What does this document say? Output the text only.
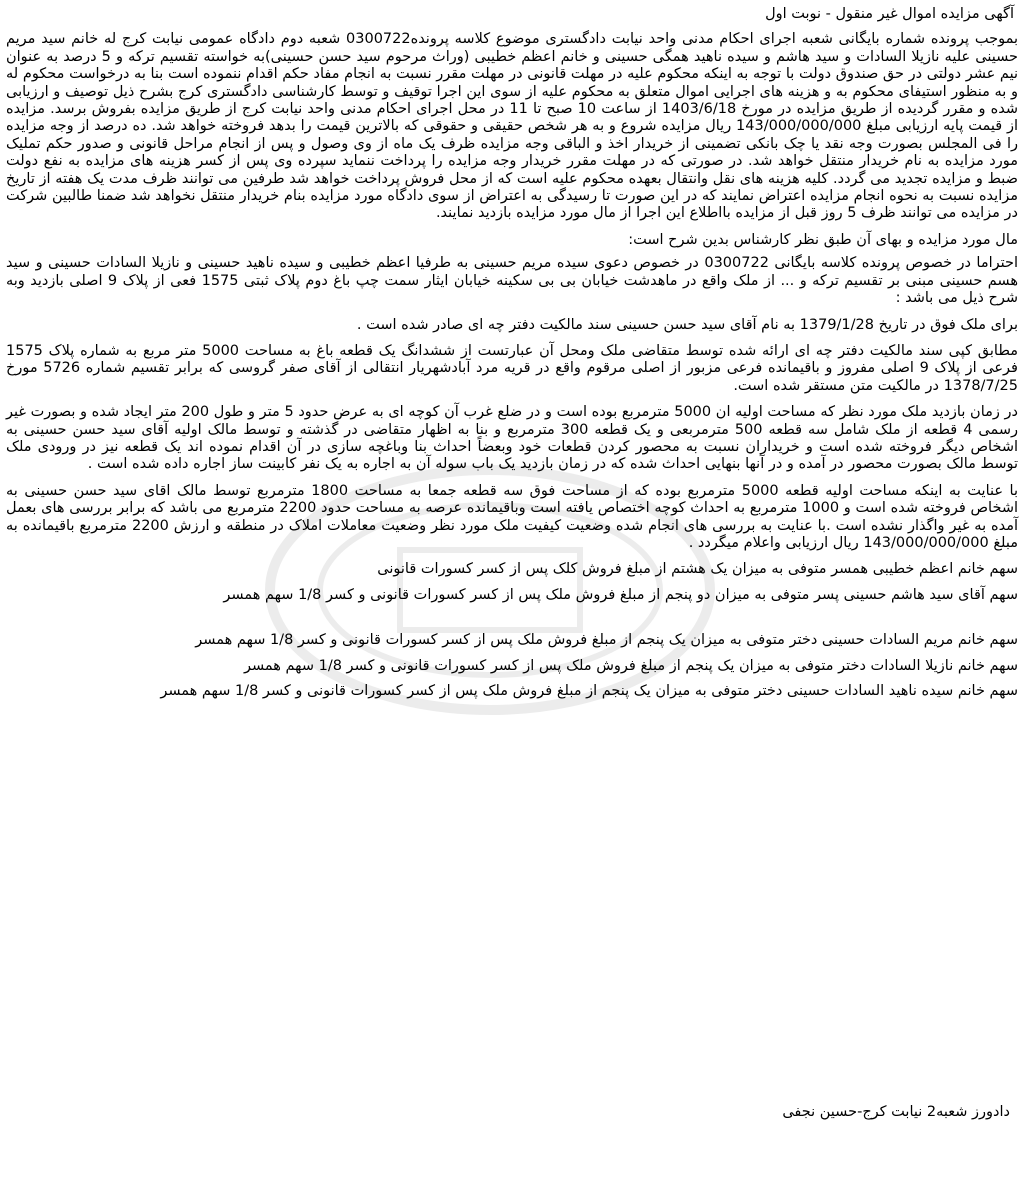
آگهی مزایده اموال غیر منقول - نوبت اول

بموجب پرونده شماره بایگانی شعبه اجرای احکام مدنی واحد نیابت دادگستری موضوع کلاسه پرونده0300722 شعبه دوم دادگاه عمومی نیابت کرج له خانم سید مریم حسینی علیه نازیلا السادات و سید هاشم و سیده ناهید همگی حسینی و خانم اعظم خطیبی (وراث مرحوم سید حسن حسینی)به خواسته تقسیم ترکه و 5 درصد به عنوان نیم عشر دولتی در حق صندوق دولت با توجه به اینکه محکوم علیه در مهلت قانونی در مهلت مقرر نسبت به انجام مفاد حکم اقدام ننموده است بنا به درخواست محکوم له و به منظور استیفای محکوم به و هزینه های اجرایی اموال متعلق به محکوم علیه از سوی این اجرا توقیف و توسط کارشناسی دادگستری کرج بشرح ذیل توصیف و ارزیابی شده و مقرر گردیده از طریق مزایده در مورخ 1403/6/18 از ساعت 10 صبح تا 11 در محل اجرای احکام مدنی واحد نیابت کرج از طریق مزایده بفروش برسد. مزایده از قیمت پایه ارزیابی مبلغ 143/000/000/000 ریال مزایده شروع و به هر شخص حقیقی و حقوقی که بالاترین قیمت را بدهد فروخته خواهد شد. ده درصد از وجه مزایده را فی المجلس بصورت وجه نقد یا چک بانکی تضمینی از خریدار اخذ و الباقی وجه مزایده ظرف یک ماه از وی وصول و پس از انجام مراحل قانونی و صدور حکم تملیک مورد مزایده به نام خریدار منتقل خواهد شد. در صورتی که در مهلت مقرر خریدار وجه مزایده را پرداخت ننماید سپرده وی پس از کسر هزینه های مزایده به نفع دولت ضبط و مزایده تجدید می گردد. کلیه هزینه های نقل وانتقال بعهده محکوم علیه است که از محل فروش پرداخت خواهد شد طرفین می توانند ظرف مدت یک هفته از تاریخ مزایده نسبت به نحوه انجام مزایده اعتراض نمایند که در این صورت تا رسیدگی به اعتراض از سوی دادگاه مورد مزایده بنام خریدار منتقل نخواهد شد ضمنا طالبین شرکت در مزایده می توانند ظرف 5 روز قبل از مزایده بااطلاع این اجرا از مال مورد مزایده بازدید نمایند.

مال مورد مزایده و بهای آن طبق نظر کارشناس بدین شرح است:

احتراما در خصوص پرونده کلاسه بایگانی 0300722 در خصوص دعوی سیده مریم حسینی به طرفیا اعظم خطیبی و سیده ناهید حسینی و نازیلا السادات حسینی و سید هسم حسینی مبنی بر تقسیم ترکه و ... از ملک واقع در ماهدشت خیابان بی بی سکینه خیابان ایثار سمت چپ باغ دوم پلاک ثبتی 1575 فعی از پلاک 9 اصلی بازدید وبه شرح ذیل می باشد :

برای ملک فوق در تاریخ 1379/1/28 به نام آقای سید حسن حسینی سند مالکیت دفتر چه ای صادر شده است .

مطابق کپی سند مالکیت دفتر چه ای ارائه شده توسط متقاضی ملک ومحل آن عبارتست از ششدانگ یک قطعه باغ به مساحت 5000 متر مربع به شماره پلاک 1575 فرعی از پلاک 9 اصلی مفروز و باقیمانده فرعی مزبور از اصلی مرقوم واقع در قریه مرد آبادشهریار انتقالی از آقای صفر گروسی که برابر تقسیم شماره 5726 مورخ 1378/7/25 در مالکیت متن مستقر شده است.

در زمان بازدید ملک مورد نظر که مساحت اولیه ان 5000 مترمربع بوده است و در ضلع غرب آن کوچه ای به عرض حدود 5 متر و طول 200 متر ایجاد شده و بصورت غیر رسمی 4 قطعه از ملک شامل سه قطعه 500 مترمربعی و یک قطعه 300 مترمربع و بنا به اظهار متقاضی در گذشته و توسط مالک اولیه آقای سید حسن حسینی به اشخاص دیگر فروخته شده است و خریداران نسبت به محصور کردن قطعات خود وبعضاً احداث بنا وباغچه سازی در آن اقدام نموده اند یک قطعه نیز در ورودی ملک توسط مالک بصورت محصور در آمده و در آنها بنهایی احداث شده که در زمان بازدید یک باب سوله آن به اجاره به یک نفر کابینت ساز اجاره داده شده است .

با عنایت به اینکه مساحت اولیه قطعه 5000 مترمربع بوده که از مساحت فوق سه قطعه جمعا به مساحت 1800 مترمربع توسط مالک اقای سید حسن حسینی به اشخاص فروخته شده است و 1000 مترمربع به احداث کوچه اختصاص یافته است وباقیمانده عرصه به مساحت حدود 2200 مترمربع می باشد که برابر بررسی های بعمل آمده به غیر واگذار نشده است .با عنایت به بررسی های انجام شده وضعیت کیفیت ملک مورد نظر وضعیت معاملات املاک در منطقه و ارزش 2200 مترمربع باقیمانده به مبلغ 143/000/000/000 ریال ارزیابی واعلام میگردد .

سهم خانم اعظم خطیبی همسر متوفی به میزان یک هشتم از مبلغ فروش کلک پس از کسر کسورات قانونی

سهم آقای سید هاشم حسینی پسر متوفی به میزان دو پنجم از مبلغ فروش ملک پس از کسر کسورات قانونی و کسر 1/8 سهم همسر

سهم خانم مریم السادات حسینی دختر متوفی به میزان یک پنجم از مبلغ فروش ملک پس از کسر کسورات قانونی و کسر 1/8 سهم همسر

سهم خانم نازیلا السادات دختر متوفی به میزان یک پنجم از مبلغ فروش ملک پس از کسر کسورات قانونی و کسر 1/8 سهم همسر

سهم خانم سیده ناهید السادات حسینی دختر متوفی به میزان یک پنجم از مبلغ فروش ملک پس از کسر کسورات قانونی و کسر 1/8 سهم همسر

دادورز شعبه2 نیابت کرج-حسین نجفی
